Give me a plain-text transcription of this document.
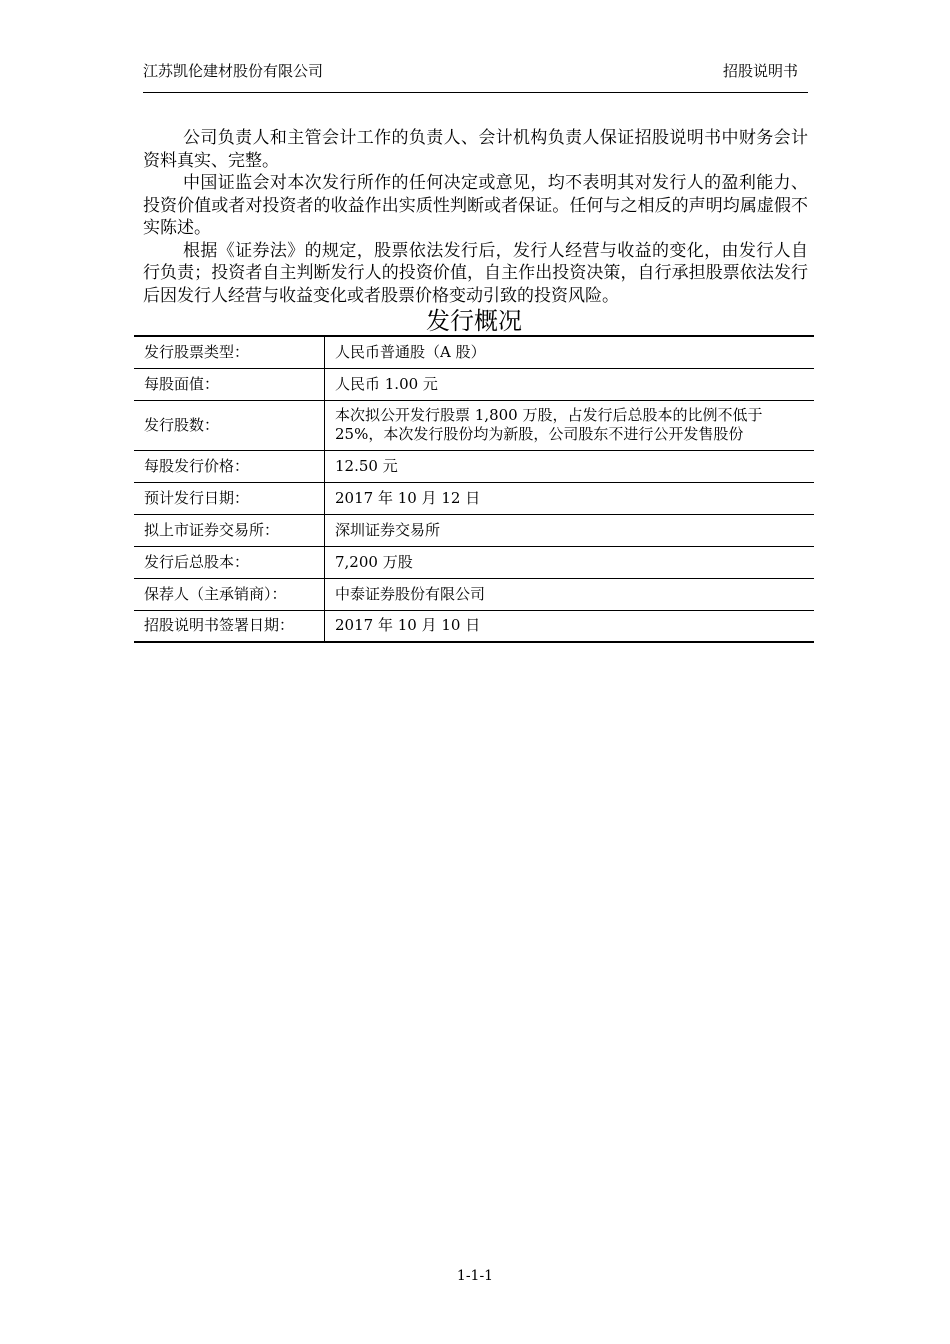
江苏凯伦建材股份有限公司	招股说明书

公司负责人和主管会计工作的负责人、会计机构负责人保证招股说明书中财务会计资料真实、完整。

中国证监会对本次发行所作的任何决定或意见，均不表明其对发行人的盈利能力、投资价值或者对投资者的收益作出实质性判断或者保证。任何与之相反的声明均属虚假不实陈述。

根据《证券法》的规定，股票依法发行后，发行人经营与收益的变化，由发行人自行负责；投资者自主判断发行人的投资价值，自主作出投资决策，自行承担股票依法发行后因发行人经营与收益变化或者股票价格变动引致的投资风险。

发行概况
发行股票类型：	人民币普通股（A 股）
每股面值：	人民币 1.00 元
发行股数：	本次拟公开发行股票 1,800 万股，占发行后总股本的比例不低于 25%，本次发行股份均为新股，公司股东不进行公开发售股份
每股发行价格：	12.50 元
预计发行日期：	2017 年 10 月 12 日
拟上市证券交易所：	深圳证券交易所
发行后总股本：	7,200 万股
保荐人（主承销商）：	中泰证券股份有限公司
招股说明书签署日期：	2017 年 10 月 10 日
1-1-1
